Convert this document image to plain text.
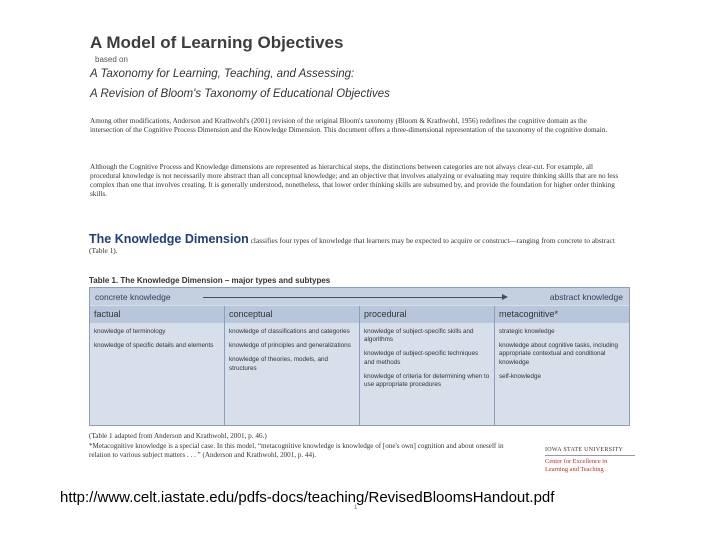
A Model of Learning Objectives
based on
A Taxonomy for Learning, Teaching, and Assessing:
A Revision of Bloom's Taxonomy of Educational Objectives

Among other modifications, Anderson and Krathwohl's (2001) revision of the original Bloom's taxonomy (Bloom & Krathwohl, 1956) redefines the cognitive domain as the intersection of the Cognitive Process Dimension and the Knowledge Dimension. This document offers a three-dimensional representation of the taxonomy of the cognitive domain.

Although the Cognitive Process and Knowledge dimensions are represented as hierarchical steps, the distinctions between categories are not always clear-cut. For example, all procedural knowledge is not necessarily more abstract than all conceptual knowledge; and an objective that involves analyzing or evaluating may require thinking skills that are no less complex than one that involves creating. It is generally understood, nonetheless, that lower order thinking skills are subsumed by, and provide the foundation for higher order thinking skills.

The Knowledge Dimension classifies four types of knowledge that learners may be expected to acquire or construct—ranging from concrete to abstract (Table 1).

Table 1. The Knowledge Dimension – major types and subtypes
concrete knowledge	abstract knowledge
factual

knowledge of terminology

knowledge of specific details and elements

conceptual

knowledge of classifications and categories

knowledge of principles and generalizations

knowledge of theories, models, and structures

procedural

knowledge of subject-specific skills and algorithms

knowledge of subject-specific techniques and methods

knowledge of criteria for determining when to use appropriate procedures

metacognitive*

strategic knowledge

knowledge about cognitive tasks, including appropriate contextual and conditional knowledge

self-knowledge

(Table 1 adapted from Anderson and Krathwohl, 2001, p. 46.)

*Metacognitive knowledge is a special case. In this model, “metacognitive knowledge is knowledge of [one's own] cognition and about oneself in relation to various subject matters . . . ” (Anderson and Krathwohl, 2001, p. 44).

IOWA STATE UNIVERSITY
Center for Excellence in
Learning and Teaching
http://www.celt.iastate.edu/pdfs-docs/teaching/RevisedBloomsHandout.pdf
1
